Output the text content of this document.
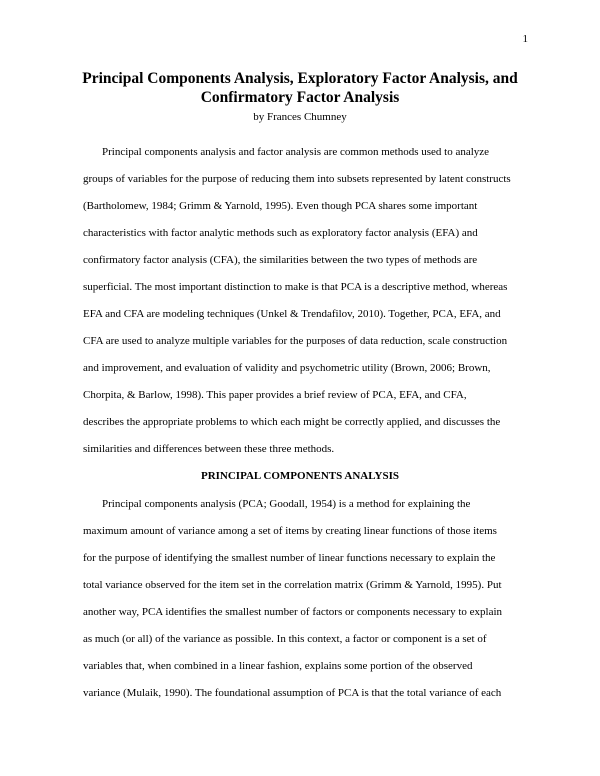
1
Principal Components Analysis, Exploratory Factor Analysis, and
Confirmatory Factor Analysis
by Frances Chumney
Principal components analysis and factor analysis are common methods used to analyze
groups of variables for the purpose of reducing them into subsets represented by latent constructs
(Bartholomew, 1984; Grimm & Yarnold, 1995). Even though PCA shares some important
characteristics with factor analytic methods such as exploratory factor analysis (EFA) and
confirmatory factor analysis (CFA), the similarities between the two types of methods are
superficial. The most important distinction to make is that PCA is a descriptive method, whereas
EFA and CFA are modeling techniques (Unkel & Trendafilov, 2010). Together, PCA, EFA, and
CFA are used to analyze multiple variables for the purposes of data reduction, scale construction
and improvement, and evaluation of validity and psychometric utility (Brown, 2006; Brown,
Chorpita, & Barlow, 1998). This paper provides a brief review of PCA, EFA, and CFA,
describes the appropriate problems to which each might be correctly applied, and discusses the
similarities and differences between these three methods.
PRINCIPAL COMPONENTS ANALYSIS
Principal components analysis (PCA; Goodall, 1954) is a method for explaining the
maximum amount of variance among a set of items by creating linear functions of those items
for the purpose of identifying the smallest number of linear functions necessary to explain the
total variance observed for the item set in the correlation matrix (Grimm & Yarnold, 1995). Put
another way, PCA identifies the smallest number of factors or components necessary to explain
as much (or all) of the variance as possible. In this context, a factor or component is a set of
variables that, when combined in a linear fashion, explains some portion of the observed
variance (Mulaik, 1990). The foundational assumption of PCA is that the total variance of each
